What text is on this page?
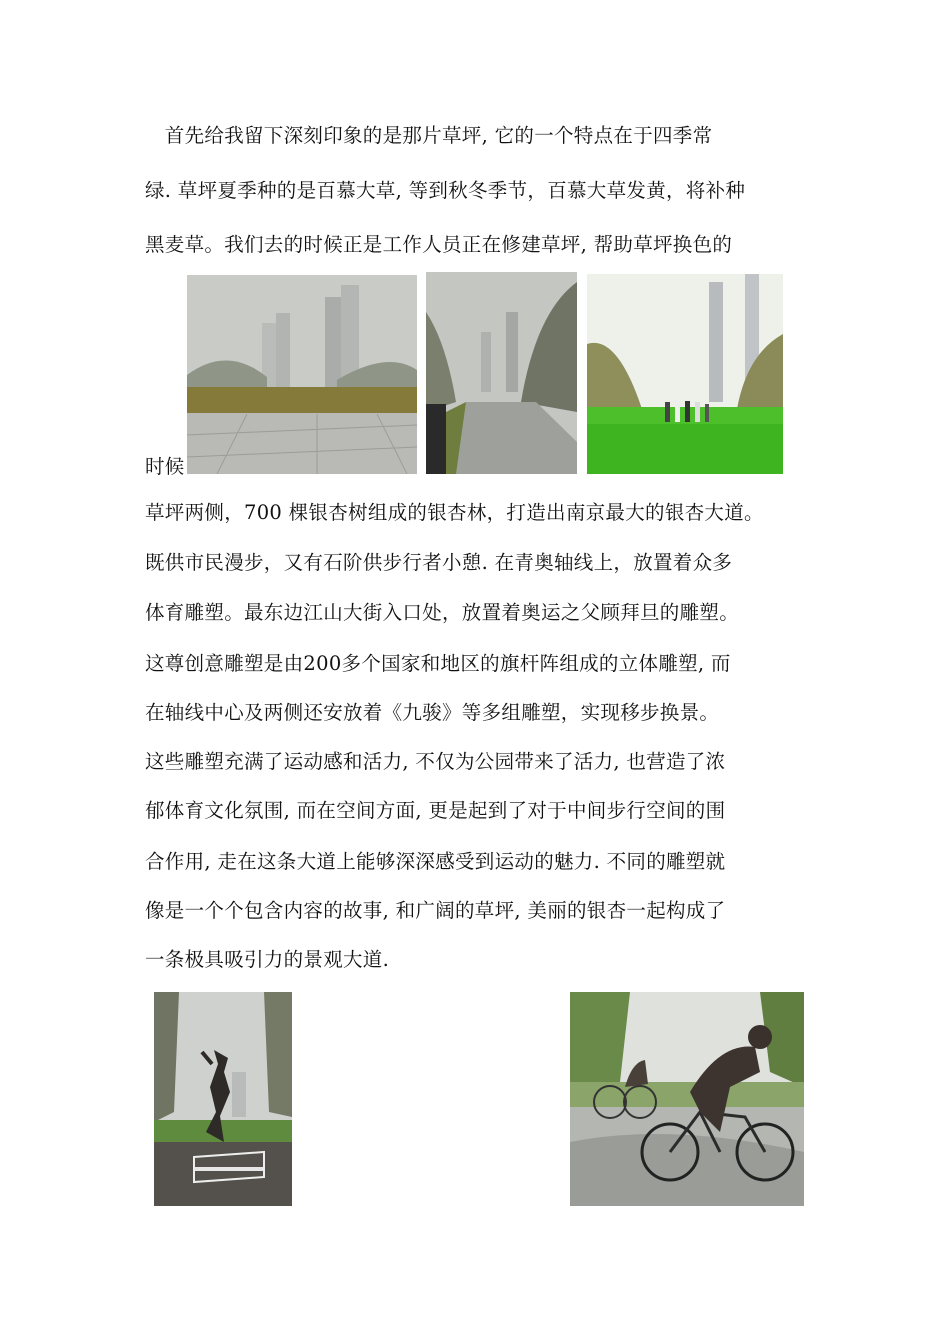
　首先给我留下深刻印象的是那片草坪, 它的一个特点在于四季常
绿. 草坪夏季种的是百慕大草, 等到秋冬季节，百慕大草发黄，将补种
黑麦草。我们去的时候正是工作人员正在修建草坪, 帮助草坪换色的
时候
草坪两侧，700 棵银杏树组成的银杏林，打造出南京最大的银杏大道。
既供市民漫步，又有石阶供步行者小憩. 在青奥轴线上，放置着众多
体育雕塑。最东边江山大街入口处，放置着奥运之父顾拜旦的雕塑。
这尊创意雕塑是由200多个国家和地区的旗杆阵组成的立体雕塑, 而
在轴线中心及两侧还安放着《九骏》等多组雕塑，实现移步换景。
这些雕塑充满了运动感和活力, 不仅为公园带来了活力, 也营造了浓
郁体育文化氛围, 而在空间方面, 更是起到了对于中间步行空间的围
合作用, 走在这条大道上能够深深感受到运动的魅力. 不同的雕塑就
像是一个个包含内容的故事, 和广阔的草坪, 美丽的银杏一起构成了
一条极具吸引力的景观大道.
